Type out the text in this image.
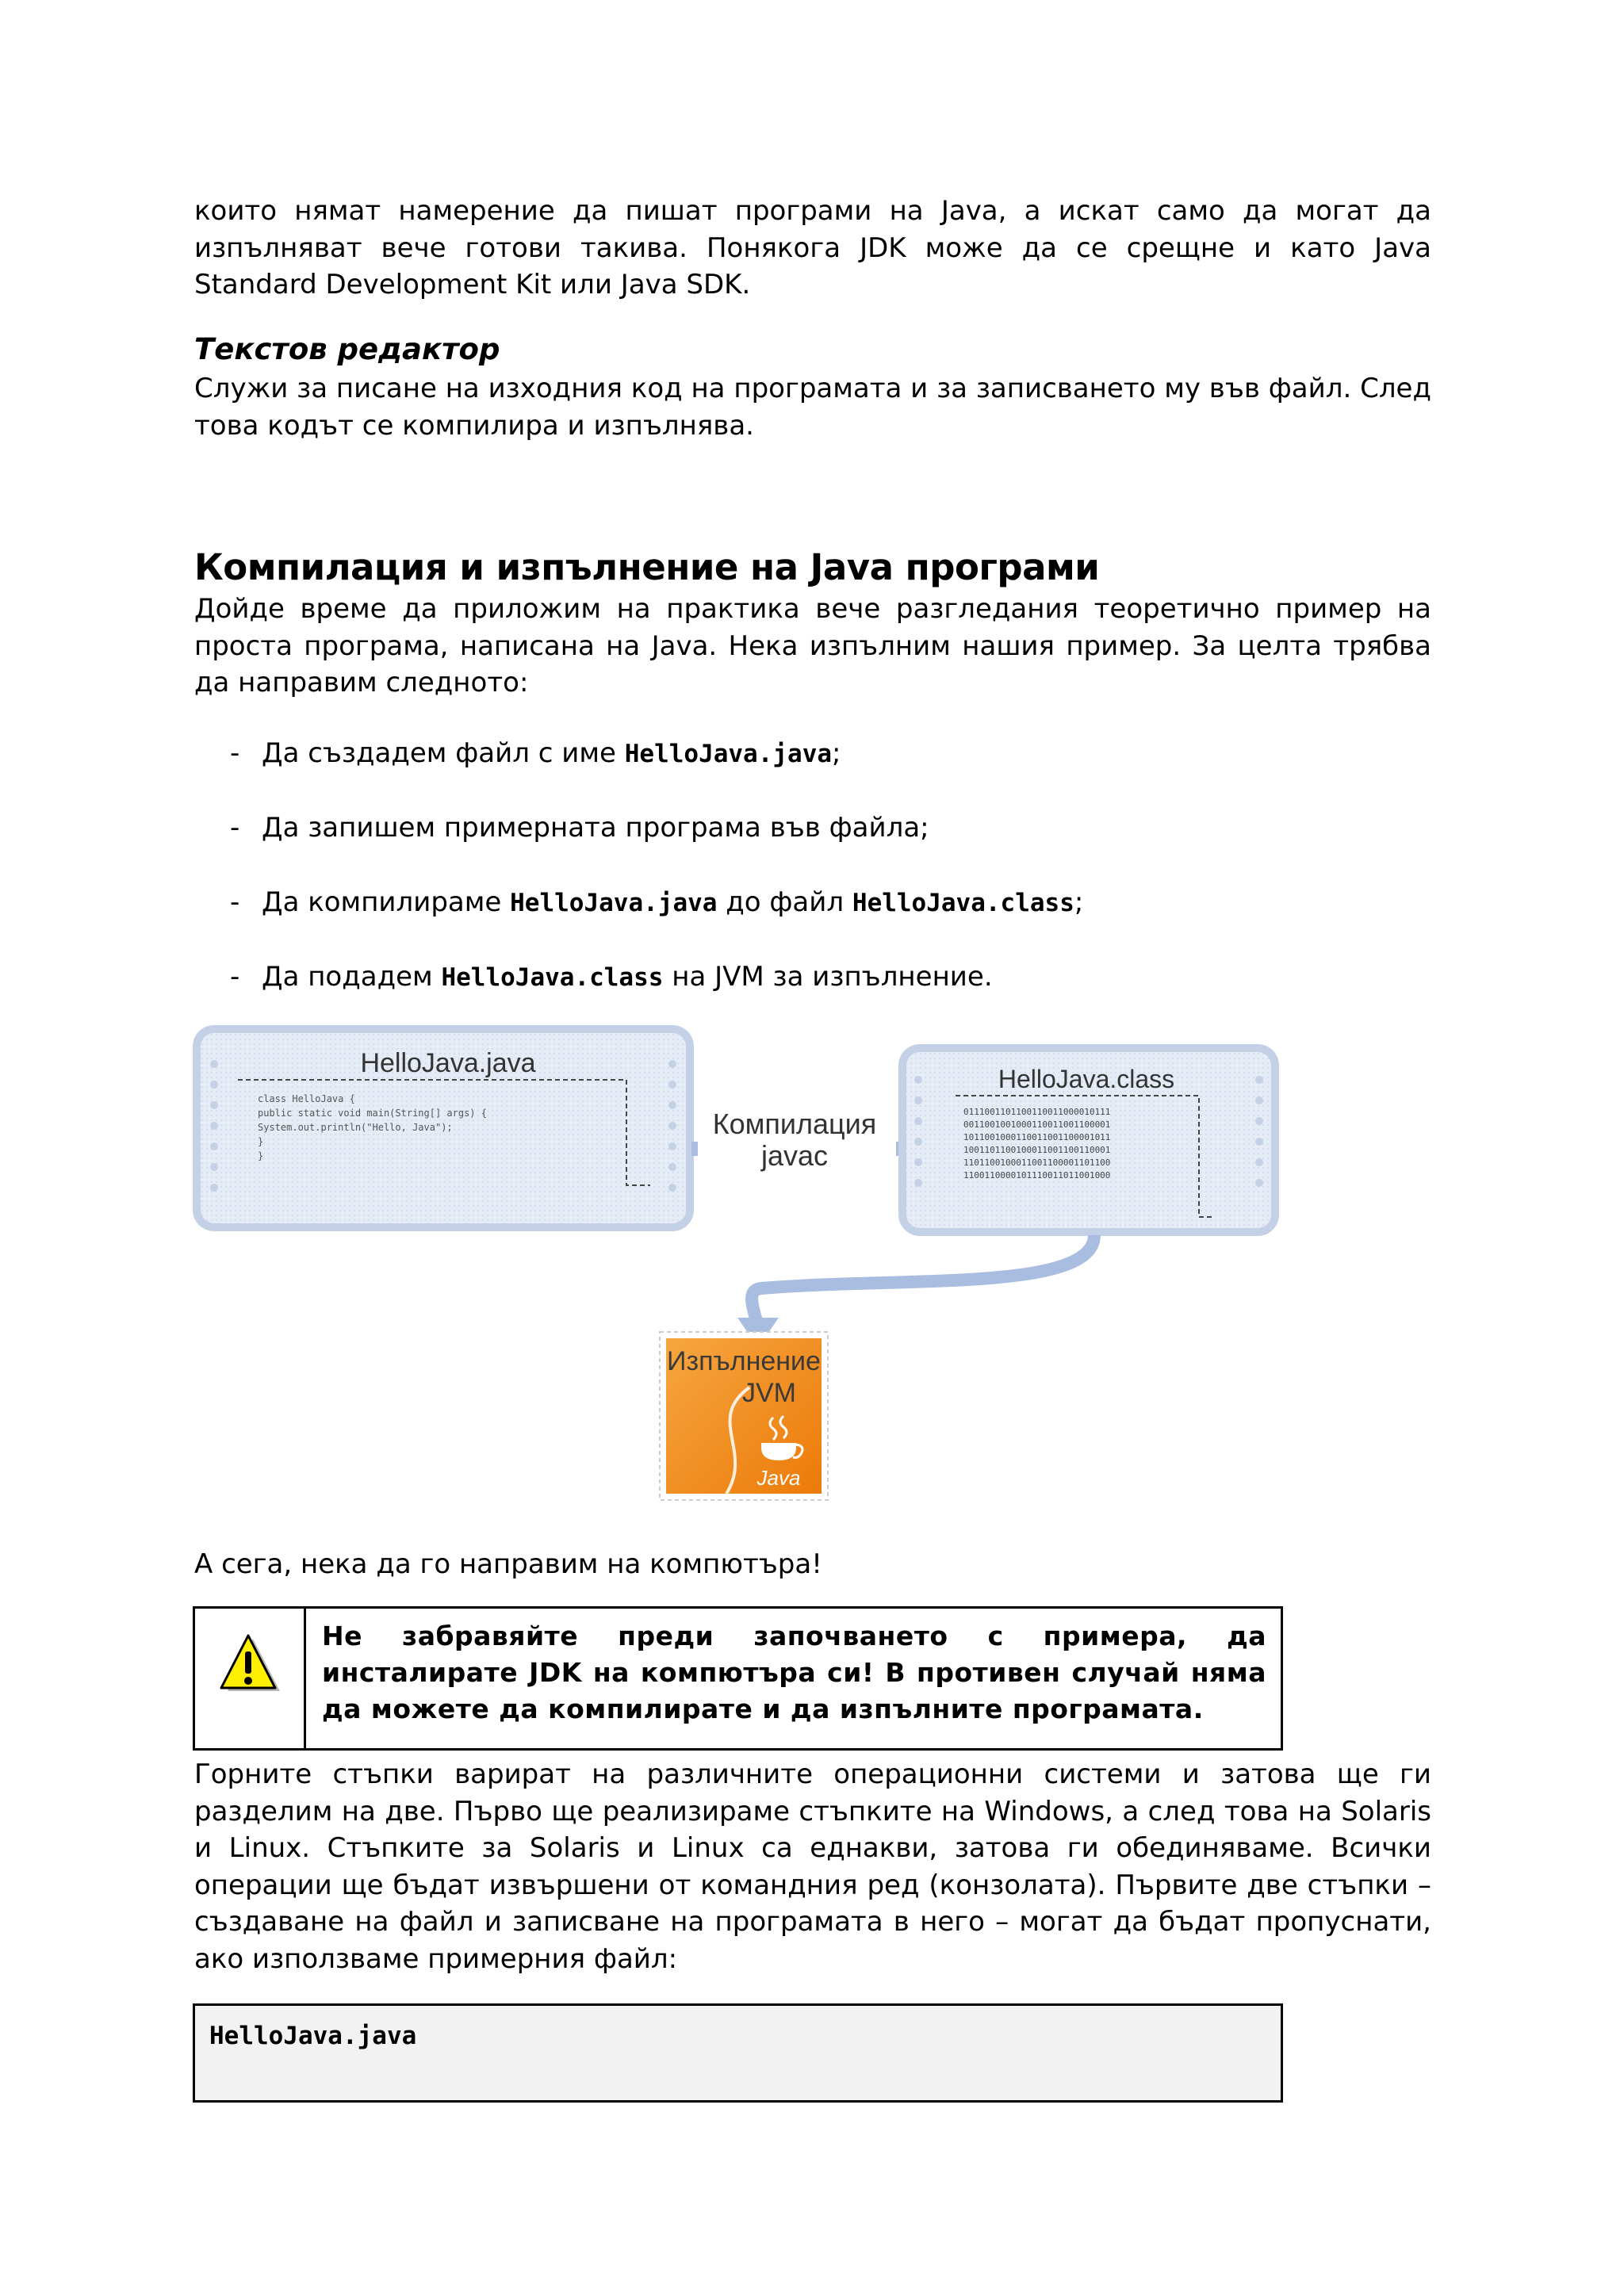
които нямат намерение да пишат програми на Java, а искат само да могат да изпълняват вече готови такива. Понякога JDK може да се срещне и като Java Standard Development Kit или Java SDK.

Текстов редактор

Служи за писане на изходния код на програмата и за записването му във файл. След това кодът се компилира и изпълнява.

Компилация и изпълнение на Java програми

Дойде време да приложим на практика вече разгледания теоретично пример на проста програма, написана на Java. Нека изпълним нашия пример. За целта трябва да направим следното:

- Да създадем файл с име HelloJava.java;
- Да запишем примерната програма във файла;
- Да компилираме HelloJava.java до файл HelloJava.class;
- Да подадем HelloJava.class на JVM за изпълнение.
HelloJava.java
class HelloJava {
public static void main(String[] args) {
System.out.println("Hello, Java");
}
}
Компилация
javac
HelloJava.class
0111001101100110011000010111
0011001001000110011001100001
1011001000110011001100001011
1001101100100011001100110001
1101100100011001100001101100
1100110000101110011011001000
Изпълнение
JVM
Java

А сега, нека да го направим на компютъра!

Не забравяйте преди започването с примера, да инсталирате JDK на компютъра си! В противен случай няма да можете да компилирате и да изпълните програмата.

Горните стъпки варират на различните операционни системи и затова ще ги разделим на две. Първо ще реализираме стъпките на Windows, а след това на Solaris и Linux. Стъпките за Solaris и Linux са еднакви, затова ги обединяваме. Всички операции ще бъдат извършени от командния ред (конзолата). Първите две стъпки – създаване на файл и записване на програмата в него – могат да бъдат пропуснати, ако използваме примерния файл:

HelloJava.java
